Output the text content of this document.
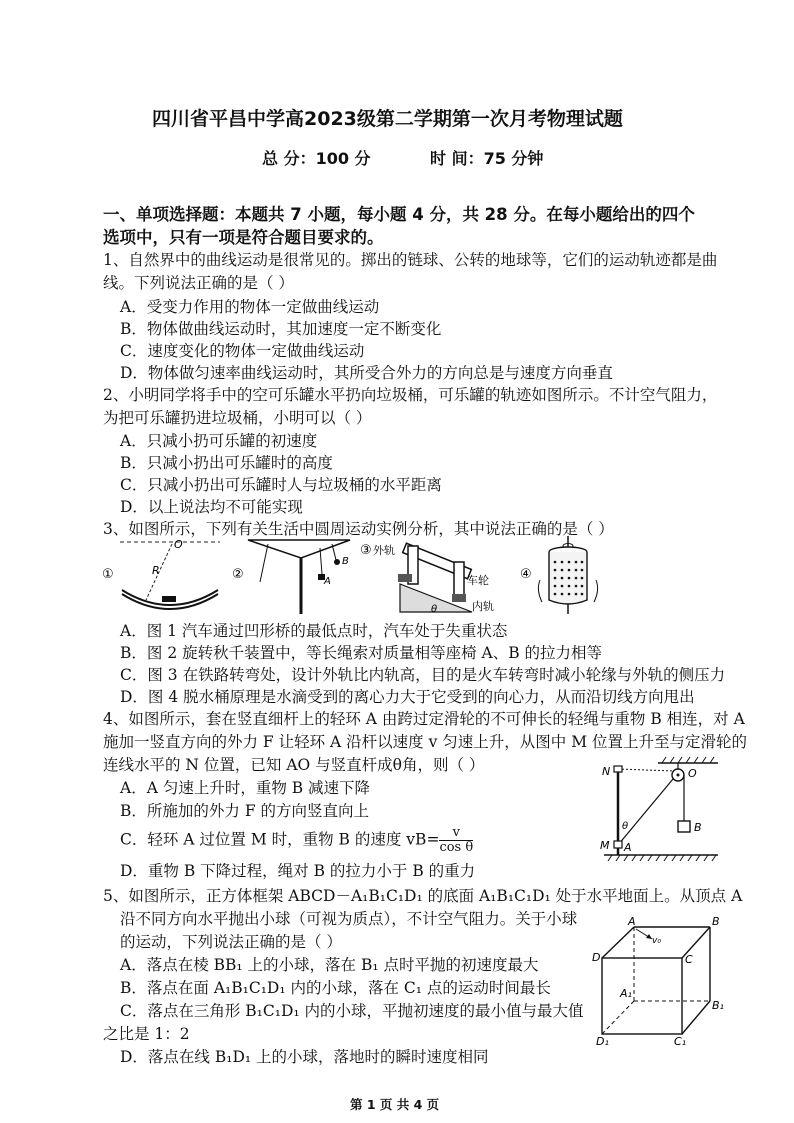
四川省平昌中学高2023级第二学期第一次月考物理试题
总 分：100 分	时 间：75 分钟
一、单项选择题：本题共 7 小题，每小题 4 分，共 28 分。在每小题给出的四个
选项中，只有一项是符合题目要求的。
1、自然界中的曲线运动是很常见的。掷出的链球、公转的地球等，它们的运动轨迹都是曲
线。下列说法正确的是（ ）
A．受变力作用的物体一定做曲线运动
B．物体做曲线运动时，其加速度一定不断变化
C．速度变化的物体一定做曲线运动
D．物体做匀速率曲线运动时，其所受合外力的方向总是与速度方向垂直
2、小明同学将手中的空可乐罐水平扔向垃圾桶，可乐罐的轨迹如图所示。不计空气阻力，
为把可乐罐扔进垃圾桶，小明可以（ ）
A．只减小扔可乐罐的初速度
B．只减小扔出可乐罐时的高度
C．只减小扔出可乐罐时人与垃圾桶的水平距离
D．以上说法均不可能实现
3、如图所示，下列有关生活中圆周运动实例分析，其中说法正确的是（ ）
①
O
R	②	A
B
③ 外轨
车轮
内轨
θ
④
A．图 1 汽车通过凹形桥的最低点时，汽车处于失重状态
B．图 2 旋转秋千装置中，等长绳索对质量相等座椅 A、B 的拉力相等
C．图 3 在铁路转弯处，设计外轨比内轨高，目的是火车转弯时减小轮缘与外轨的侧压力
D．图 4 脱水桶原理是水滴受到的离心力大于它受到的向心力，从而沿切线方向甩出
4、如图所示，套在竖直细杆上的轻环 A 由跨过定滑轮的不可伸长的轻绳与重物 B 相连，对 A
施加一竖直方向的外力 F 让轻环 A 沿杆以速度 v 匀速上升，从图中 M 位置上升至与定滑轮的
连线水平的 N 位置，已知 AO 与竖直杆成θ角，则（ ）
A．A 匀速上升时，重物 B 减速下降
B．所施加的外力 F 的方向竖直向上
C．轻环 A 过位置 M 时，重物 B 的速度 $vB= \frac{v}{\text{cos θ}}$
D．重物 B 下降过程，绳对 B 的拉力小于 B 的重力
N	O
B
M A
θ
5、如图所示，正方体框架 ABCD－A₁B₁C₁D₁ 的底面 A₁B₁C₁D₁ 处于水平地面上。从顶点 A
沿不同方向水平抛出小球（可视为质点），不计空气阻力。关于小球
的运动，下列说法正确的是（ ）
A．落点在棱 BB₁ 上的小球，落在 B₁ 点时平抛的初速度最大
B．落点在面 A₁B₁C₁D₁ 内的小球，落在 C₁ 点的运动时间最长
C．落点在三角形 B₁C₁D₁ 内的小球，平抛初速度的最小值与最大值
之比是 1：2
D．落点在线 B₁D₁ 上的小球，落地时的瞬时速度相同
v₀
A	B
C
D
A₁
B₁
C₁
D₁
第 1 页 共 4 页
